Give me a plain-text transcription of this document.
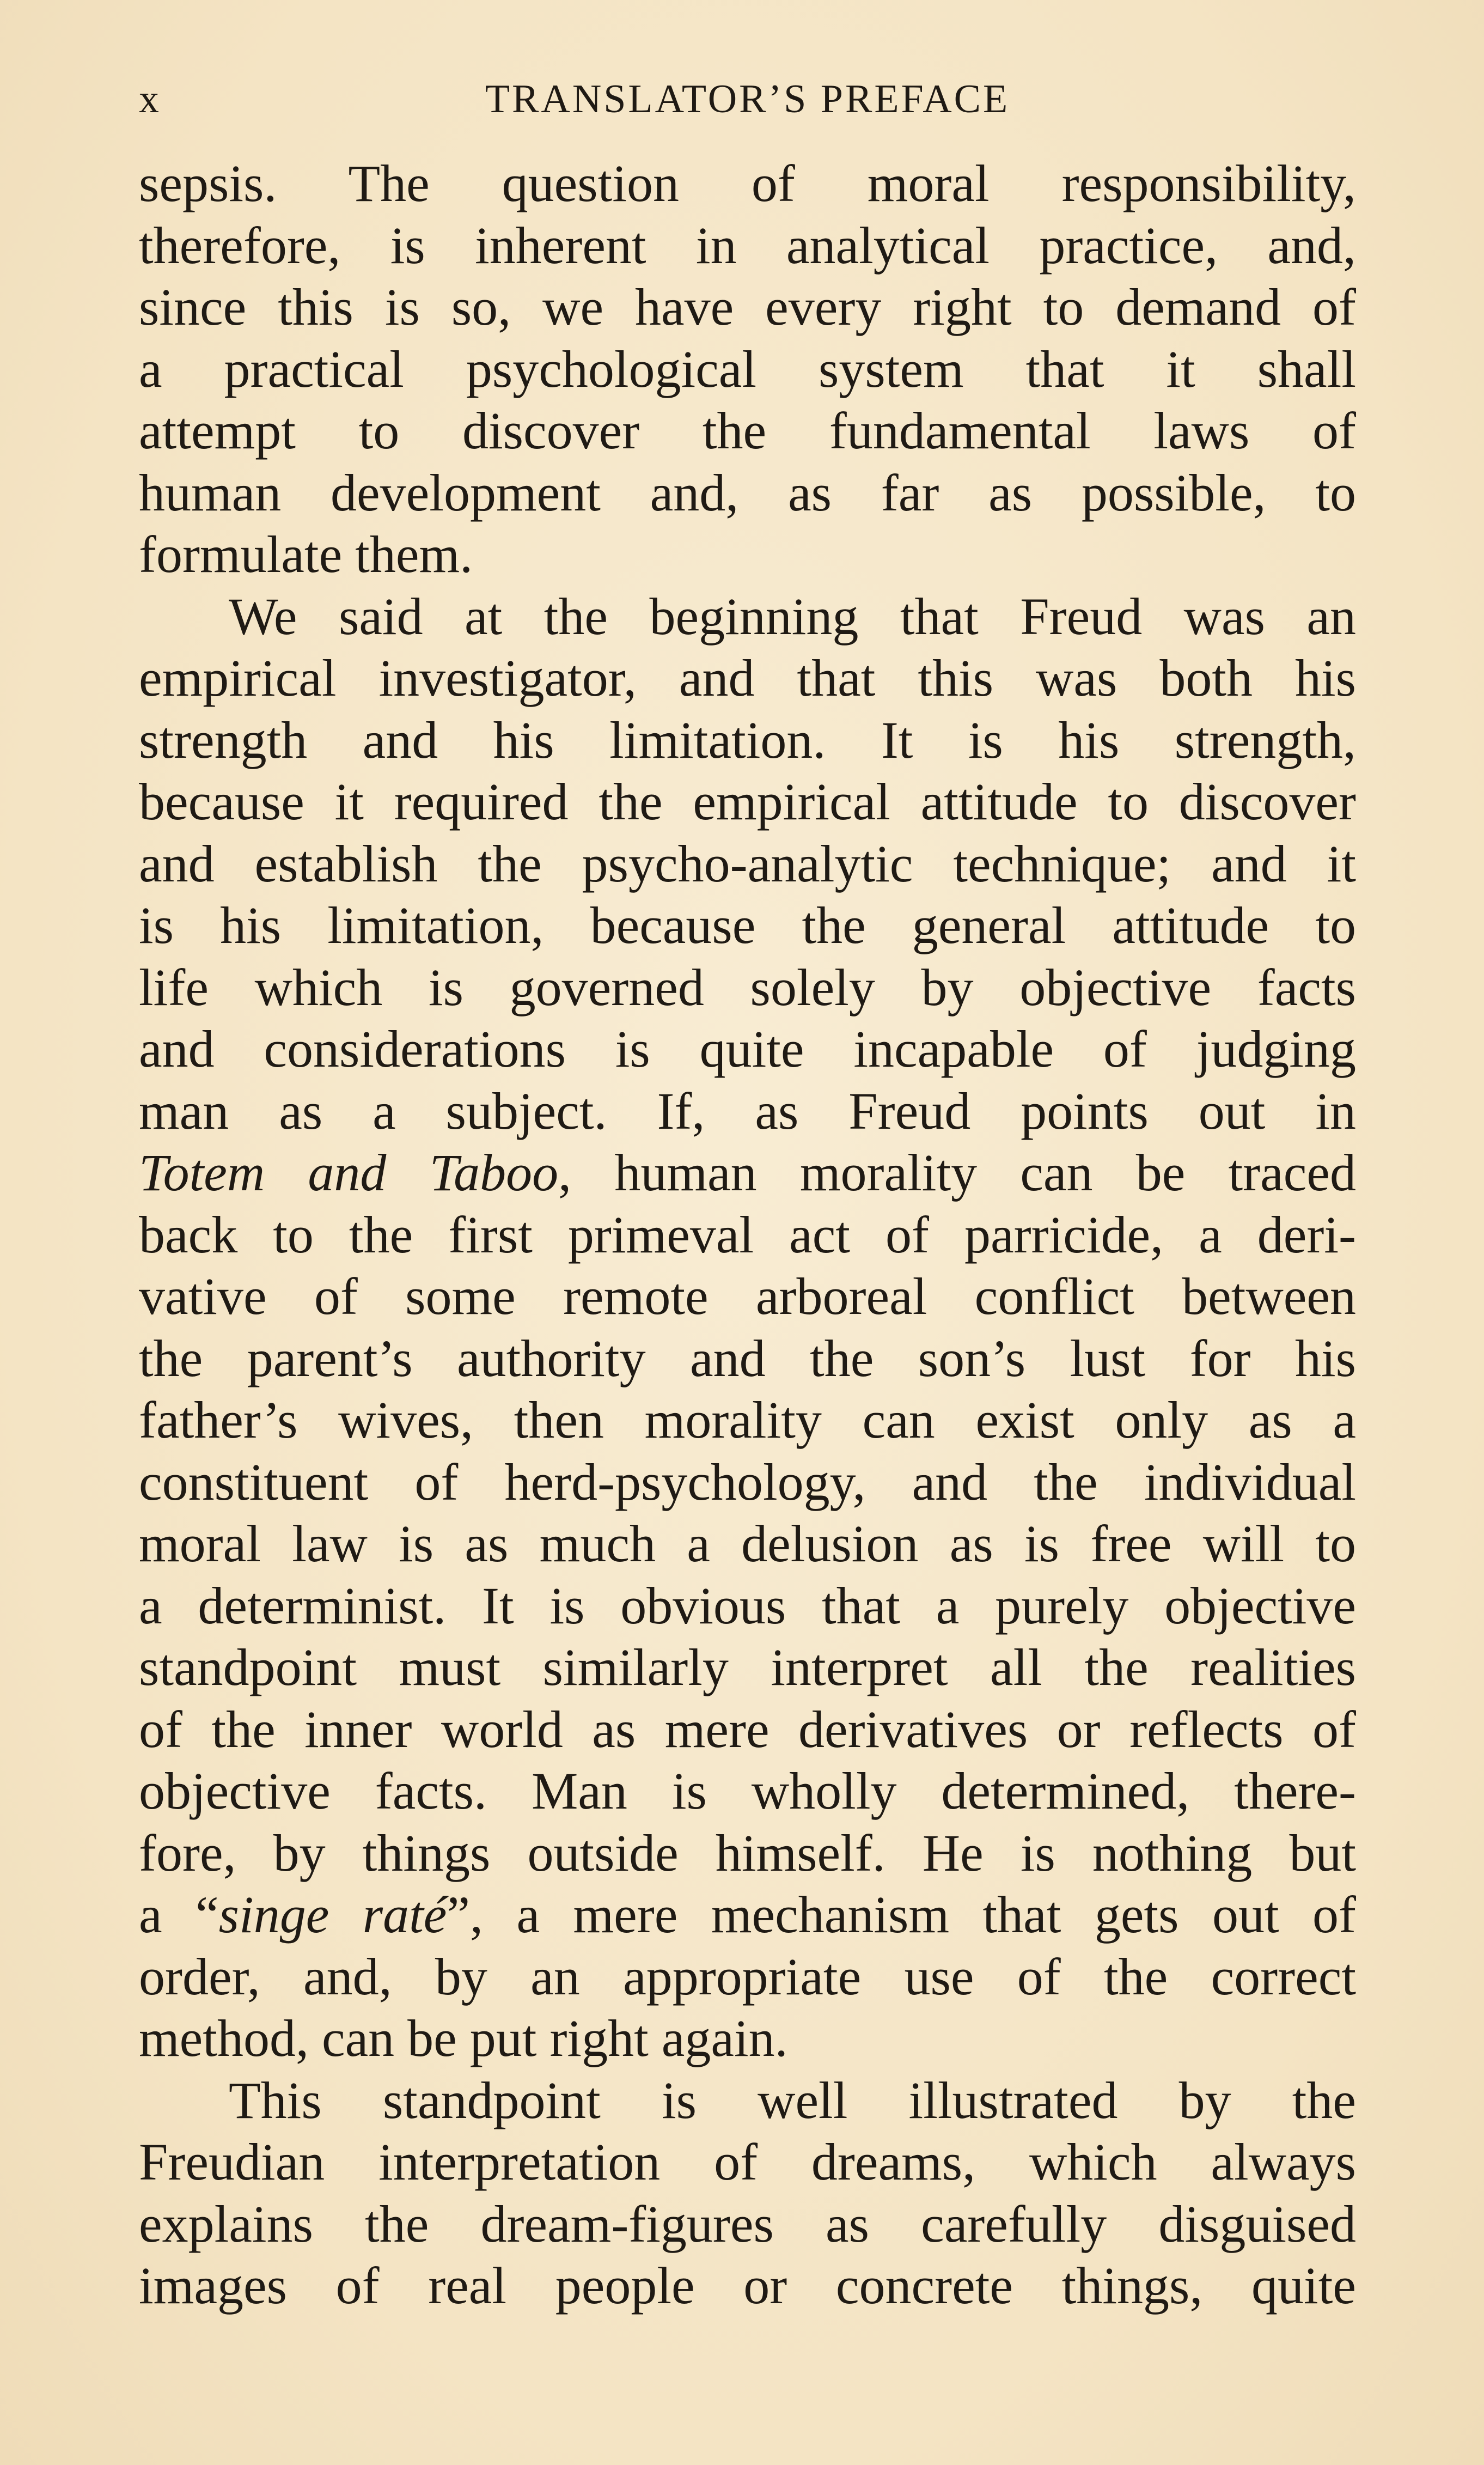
x	TRANSLATOR’S PREFACE
sepsis. The question of moral responsibility,
therefore, is inherent in analytical practice, and,
since this is so, we have every right to demand of
a practical psychological system that it shall
attempt to discover the fundamental laws of
human development and, as far as possible, to
formulate them.
We said at the beginning that Freud was an
empirical investigator, and that this was both his
strength and his limitation. It is his strength,
because it required the empirical attitude to discover
and establish the psycho-analytic technique; and it
is his limitation, because the general attitude to
life which is governed solely by objective facts
and considerations is quite incapable of judging
man as a subject. If, as Freud points out in
Totem and Taboo, human morality can be traced
back to the first primeval act of parricide, a deri-
vative of some remote arboreal conflict between
the parent’s authority and the son’s lust for his
father’s wives, then morality can exist only as a
constituent of herd-psychology, and the individual
moral law is as much a delusion as is free will to
a determinist. It is obvious that a purely objective
standpoint must similarly interpret all the realities
of the inner world as mere derivatives or reflects of
objective facts. Man is wholly determined, there-
fore, by things outside himself. He is nothing but
a “singe raté”, a mere mechanism that gets out of
order, and, by an appropriate use of the correct
method, can be put right again.
This standpoint is well illustrated by the
Freudian interpretation of dreams, which always
explains the dream-figures as carefully disguised
images of real people or concrete things, quite
